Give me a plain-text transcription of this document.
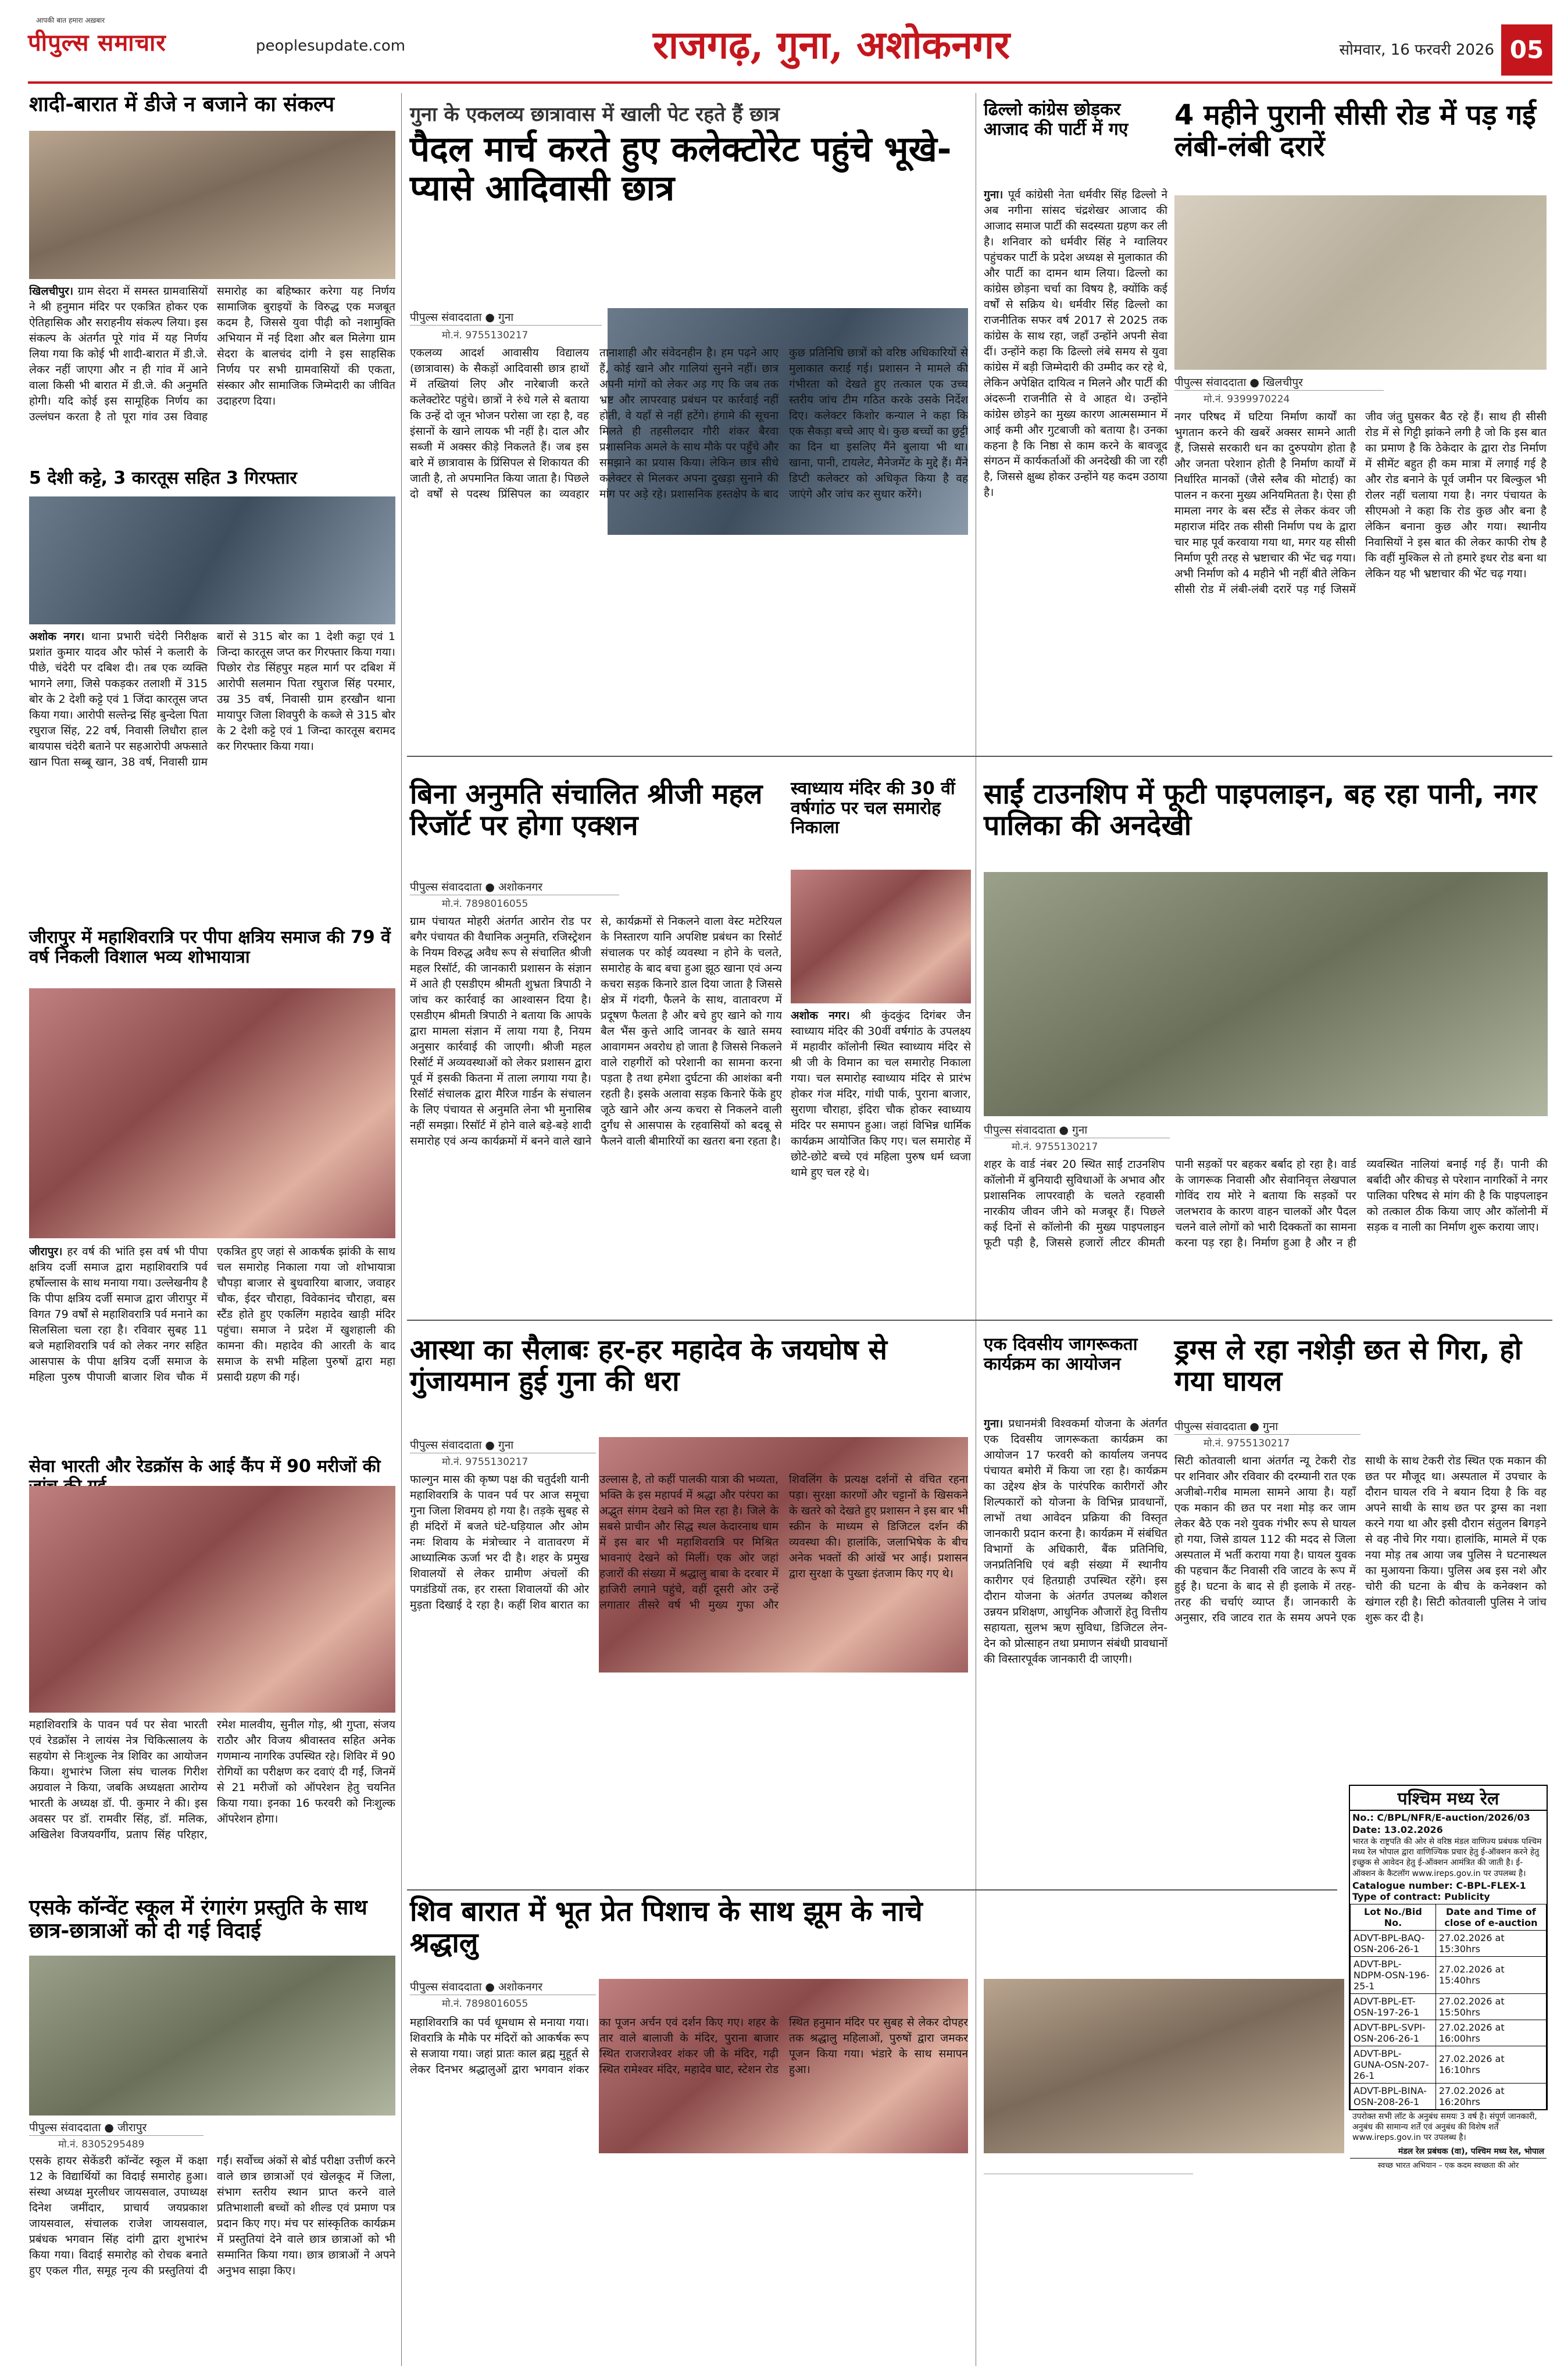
पीपुल्स समाचार
आपकी बात हमारा अख़बार
peoplesupdate.com	राजगढ़, गुना, अशोकनगर	सोमवार, 16 फरवरी 2026 05
शादी-बारात में डीजे न बजाने का संकल्प
खिलचीपुर। ग्राम सेदरा में समस्त ग्रामवासियों ने श्री हनुमान मंदिर पर एकत्रित होकर एक ऐतिहासिक और सराहनीय संकल्प लिया। इस संकल्प के अंतर्गत पूरे गांव में यह निर्णय लिया गया कि कोई भी शादी-बारात में डी.जे. लेकर नहीं जाएगा और न ही गांव में आने वाला किसी भी बारात में डी.जे. की अनुमति होगी। यदि कोई इस सामूहिक निर्णय का उल्लंघन करता है तो पूरा गांव उस विवाह समारोह का बहिष्कार करेगा यह निर्णय सामाजिक बुराइयों के विरुद्ध एक मजबूत कदम है, जिससे युवा पीढ़ी को नशामुक्ति अभियान में नई दिशा और बल मिलेगा ग्राम सेदरा के बालचंद दांगी ने इस साहसिक निर्णय पर सभी ग्रामवासियों की एकता, संस्कार और सामाजिक जिम्मेदारी का जीवित उदाहरण दिया।
5 देशी कट्टे, 3 कारतूस सहित 3 गिरफ्तार
अशोक नगर। थाना प्रभारी चंदेरी निरीक्षक प्रशांत कुमार यादव और फोर्स ने कलारी के पीछे, चंदेरी पर दबिश दी। तब एक व्यक्ति भागने लगा, जिसे पकड़कर तलाशी में 315 बोर के 2 देशी कट्टे एवं 1 जिंदा कारतूस जप्त किया गया। आरोपी सल्तेन्द्र सिंह बुन्देला पिता रघुराज सिंह, 22 वर्ष, निवासी लिधौरा हाल बायपास चंदेरी बताने पर सहआरोपी अफसाते खान पिता सब्बू खान, 38 वर्ष, निवासी ग्राम बारों से 315 बोर का 1 देशी कट्टा एवं 1 जिन्दा कारतूस जप्त कर गिरफ्तार किया गया। पिछोर रोड सिंहपुर महल मार्ग पर दबिश में आरोपी सलमान पिता रघुराज सिंह परमार, उम्र 35 वर्ष, निवासी ग्राम हरखौन थाना मायापुर जिला शिवपुरी के कब्जे से 315 बोर के 2 देशी कट्टे एवं 1 जिन्दा कारतूस बरामद कर गिरफ्तार किया गया।
जीरापुर में महाशिवरात्रि पर पीपा क्षत्रिय समाज की 79 वें वर्ष निकली विशाल भव्य शोभायात्रा
जीरापुर। हर वर्ष की भांति इस वर्ष भी पीपा क्षत्रिय दर्जी समाज द्वारा महाशिवरात्रि पर्व हर्षोल्लास के साथ मनाया गया। उल्लेखनीय है कि पीपा क्षत्रिय दर्जी समाज द्वारा जीरापुर में विगत 79 वर्षों से महाशिवरात्रि पर्व मनाने का सिलसिला चला रहा है। रविवार सुबह 11 बजे महाशिवरात्रि पर्व को लेकर नगर सहित आसपास के पीपा क्षत्रिय दर्जी समाज के महिला पुरुष पीपाजी बाजार शिव चौक में एकत्रित हुए जहां से आकर्षक झांकी के साथ चल समारोह निकाला गया जो शोभायात्रा चौपड़ा बाजार से बुधवारिया बाजार, जवाहर चौक, ईदर चौराहा, विवेकानंद चौराहा, बस स्टैंड होते हुए एकलिंग महादेव खाड़ी मंदिर पहुंचा। समाज ने प्रदेश में खुशहाली की कामना की। महादेव की आरती के बाद समाज के सभी महिला पुरुषों द्वारा महा प्रसादी ग्रहण की गई।
सेवा भारती और रेडक्रॉस के आई कैंप में 90 मरीजों की
महाशिवरात्रि के पावन पर्व पर सेवा भारती एवं रेडक्रॉस ने लायंस नेत्र चिकित्सालय के सहयोग से निःशुल्क नेत्र शिविर का आयोजन किया। शुभारंभ जिला संघ चालक गिरीश अग्रवाल ने किया, जबकि अध्यक्षता आरोग्य भारती के अध्यक्ष डॉ. पी. कुमार ने की। इस अवसर पर डॉ. रामवीर सिंह, डॉ. मलिक, अखिलेश विजयवर्गीय, प्रताप सिंह परिहार, रमेश मालवीय, सुनील गोड़, श्री गुप्ता, संजय राठौर और विजय श्रीवास्तव सहित अनेक गणमान्य नागरिक उपस्थित रहे। शिविर में 90 रोगियों का परीक्षण कर दवाएं दी गईं, जिनमें से 21 मरीजों को ऑपरेशन हेतु चयनित किया गया। इनका 16 फरवरी को निःशुल्क ऑपरेशन होगा।
एसके कॉन्वेंट स्कूल में रंगारंग प्रस्तुति के साथ छात्र-छात्राओं को दी गई विदाई
पीपुल्स संवाददाता ● जीरापुर
मो.नं. 8305295489
एसके हायर सेकेंडरी कॉन्वेंट स्कूल में कक्षा 12 के विद्यार्थियों का विदाई समारोह हुआ। संस्था अध्यक्ष मुरलीधर जायसवाल, उपाध्यक्ष दिनेश जमींदार, प्राचार्य जयप्रकाश जायसवाल, संचालक राजेश जायसवाल, प्रबंधक भगवान सिंह दांगी द्वारा शुभारंभ किया गया। विदाई समारोह को रोचक बनाते हुए एकल गीत, समूह नृत्य की प्रस्तुतियां दी गईं। सर्वोच्च अंकों से बोर्ड परीक्षा उत्तीर्ण करने वाले छात्र छात्राओं एवं खेलकूद में जिला, संभाग स्तरीय स्थान प्राप्त करने वाले प्रतिभाशाली बच्चों को शील्ड एवं प्रमाण पत्र प्रदान किए गए। मंच पर सांस्कृतिक कार्यक्रम में प्रस्तुतियां देने वाले छात्र छात्राओं को भी सम्मानित किया गया। छात्र छात्राओं ने अपने अनुभव साझा किए।
गुना के एकलव्य छात्रावास में खाली पेट रहते हैं छात्र
पैदल मार्च करते हुए कलेक्टोरेट पहुंचे भूखे-प्यासे आदिवासी छात्र
पीपुल्स संवाददाता ● गुना
मो.नं. 9755130217
एकलव्य आदर्श आवासीय विद्यालय (छात्रावास) के सैकड़ों आदिवासी छात्र हाथों में तख्तियां लिए और नारेबाजी करते कलेक्टोरेट पहुंचे। छात्रों ने रुंधे गले से बताया कि उन्हें दो जून भोजन परोसा जा रहा है, वह इंसानों के खाने लायक भी नहीं है। दाल और सब्जी में अक्सर कीड़े निकलते हैं। जब इस बारे में छात्रावास के प्रिंसिपल से शिकायत की जाती है, तो अपमानित किया जाता है। पिछले दो वर्षों से पदस्थ प्रिंसिपल का व्यवहार तानाशाही और संवेदनहीन है। हम पढ़ने आए हैं, कोई खाने और गालियां सुनने नहीं। छात्र अपनी मांगों को लेकर अड़ गए कि जब तक भ्रष्ट और लापरवाह प्रबंधन पर कार्रवाई नहीं होती, वे यहाँ से नहीं हटेंगे। हंगामे की सूचना मिलते ही तहसीलदार गौरी शंकर बैरवा प्रशासनिक अमले के साथ मौके पर पहुँचे और समझाने का प्रयास किया। लेकिन छात्र सीधे कलेक्टर से मिलकर अपना दुखड़ा सुनाने की मांग पर अड़े रहे। प्रशासनिक हस्तक्षेप के बाद कुछ प्रतिनिधि छात्रों को वरिष्ठ अधिकारियों से मुलाकात कराई गई। प्रशासन ने मामले की गंभीरता को देखते हुए तत्काल एक उच्च स्तरीय जांच टीम गठित करके उसके निर्देश दिए। कलेक्टर किशोर कन्याल ने कहा कि एक सैकड़ा बच्चे आए थे। कुछ बच्चों का छुट्टी का दिन था इसलिए मैंने बुलाया भी था। खाना, पानी, टायलेट, मैनेजमेंट के मुद्दे हैं। मैंने डिप्टी कलेक्टर को अधिकृत किया है वह जाएंगे और जांच कर सुधार करेंगे।
बिना अनुमति संचालित श्रीजी महल रिजॉर्ट पर होगा एक्शन
पीपुल्स संवाददाता ● अशोकनगर
मो.नं. 7898016055
ग्राम पंचायत मोहरी अंतर्गत आरोन रोड पर बगैर पंचायत की वैधानिक अनुमति, रजिस्ट्रेशन के नियम विरुद्ध अवैध रूप से संचालित श्रीजी महल रिसॉर्ट, की जानकारी प्रशासन के संज्ञान में आते ही एसडीएम श्रीमती शुभ्रता त्रिपाठी ने जांच कर कार्रवाई का आश्वासन दिया है। एसडीएम श्रीमती त्रिपाठी ने बताया कि आपके द्वारा मामला संज्ञान में लाया गया है, नियम अनुसार कार्रवाई की जाएगी। श्रीजी महल रिसॉर्ट में अव्यवस्थाओं को लेकर प्रशासन द्वारा पूर्व में इसकी कितना में ताला लगाया गया है। रिसॉर्ट संचालक द्वारा मैरिज गार्डन के संचालन के लिए पंचायत से अनुमति लेना भी मुनासिब नहीं समझा। रिसॉर्ट में होने वाले बड़े-बड़े शादी समारोह एवं अन्य कार्यक्रमों में बनने वाले खाने से, कार्यक्रमों से निकलने वाला वेस्ट मटेरियल के निस्तारण यानि अपशिष्ट प्रबंधन का रिसोर्ट संचालक पर कोई व्यवस्था न होने के चलते, समारोह के बाद बचा हुआ झूठ खाना एवं अन्य कचरा सड़क किनारे डाल दिया जाता है जिससे क्षेत्र में गंदगी, फैलने के साथ, वातावरण में प्रदूषण फैलता है और बचे हुए खाने को गाय बैल भैंस कुत्ते आदि जानवर के खाते समय आवागमन अवरोध हो जाता है जिससे निकलने वाले राहगीरों को परेशानी का सामना करना पड़ता है तथा हमेशा दुर्घटना की आशंका बनी रहती है। इसके अलावा सड़क किनारे फेंके हुए जूठे खाने और अन्य कचरा से निकलने वाली दुर्गंध से आसपास के रहवासियों को बदबू से फैलने वाली बीमारियों का खतरा बना रहता है।
स्वाध्याय मंदिर की 30 वीं वर्षगांठ पर चल समारोह निकाला
अशोक नगर। श्री कुंदकुंद दिगंबर जैन स्वाध्याय मंदिर की 30वीं वर्षगांठ के उपलक्ष्य में महावीर कॉलोनी स्थित स्वाध्याय मंदिर से श्री जी के विमान का चल समारोह निकाला गया। चल समारोह स्वाध्याय मंदिर से प्रारंभ होकर गंज मंदिर, गांधी पार्क, पुराना बाजार, सुराणा चौराहा, इंदिरा चौक होकर स्वाध्याय मंदिर पर समापन हुआ। जहां विभिन्न धार्मिक कार्यक्रम आयोजित किए गए। चल समारोह में छोटे-छोटे बच्चे एवं महिला पुरुष धर्म ध्वजा थामे हुए चल रहे थे।
आस्था का सैलाबः हर-हर महादेव के जयघोष से गुंजायमान हुई गुना की धरा
पीपुल्स संवाददाता ● गुना
मो.नं. 9755130217
फाल्गुन मास की कृष्ण पक्ष की चतुर्दशी यानी महाशिवरात्रि के पावन पर्व पर आज समूचा गुना जिला शिवमय हो गया है। तड़के सुबह से ही मंदिरों में बजते घंटे-घड़ियाल और ओम नमः शिवाय के मंत्रोच्चार ने वातावरण में आध्यात्मिक ऊर्जा भर दी है। शहर के प्रमुख शिवालयों से लेकर ग्रामीण अंचलों की पगडंडियों तक, हर रास्ता शिवालयों की ओर मुड़ता दिखाई दे रहा है। कहीं शिव बारात का उल्लास है, तो कहीं पालकी यात्रा की भव्यता, भक्ति के इस महापर्व में श्रद्धा और परंपरा का अद्भुत संगम देखने को मिल रहा है। जिले के सबसे प्राचीन और सिद्ध स्थल केदारनाथ धाम में इस बार भी महाशिवरात्रि पर मिश्रित भावनाएं देखने को मिलीं। एक ओर जहां हजारों की संख्या में श्रद्धालु बाबा के दरबार में हाजिरी लगाने पहुंचे, वहीं दूसरी ओर उन्हें लगातार तीसरे वर्ष भी मुख्य गुफा और शिवलिंग के प्रत्यक्ष दर्शनों से वंचित रहना पड़ा। सुरक्षा कारणों और चट्टानों के खिसकने के खतरे को देखते हुए प्रशासन ने इस बार भी स्क्रीन के माध्यम से डिजिटल दर्शन की व्यवस्था की। हालांकि, जलाभिषेक के बीच अनेक भक्तों की आंखें भर आई। प्रशासन द्वारा सुरक्षा के पुख्ता इंतजाम किए गए थे।
शिव बारात में भूत प्रेत पिशाच के साथ झूम के नाचे श्रद्धालु
पीपुल्स संवाददाता ● अशोकनगर
मो.नं. 7898016055
महाशिवरात्रि का पर्व धूमधाम से मनाया गया। शिवरात्रि के मौके पर मंदिरों को आकर्षक रूप से सजाया गया। जहां प्रातः काल ब्रह्म मुहूर्त से लेकर दिनभर श्रद्धालुओं द्वारा भगवान शंकर का पूजन अर्चन एवं दर्शन किए गए। शहर के तार वाले बालाजी के मंदिर, पुराना बाजार स्थित राजराजेश्वर शंकर जी के मंदिर, गढ़ी स्थित रामेश्वर मंदिर, महादेव घाट, स्टेशन रोड स्थित हनुमान मंदिर पर सुबह से लेकर दोपहर तक श्रद्धालु महिलाओं, पुरुषों द्वारा जमकर पूजन किया गया। भंडारे के साथ समापन हुआ।
ढिल्लो कांग्रेस छोड़कर आजाद की पार्टी में गए
गुना। पूर्व कांग्रेसी नेता धर्मवीर सिंह ढिल्लो ने अब नगीना सांसद चंद्रशेखर आजाद की आजाद समाज पार्टी की सदस्यता ग्रहण कर ली है। शनिवार को धर्मवीर सिंह ने ग्वालियर पहुंचकर पार्टी के प्रदेश अध्यक्ष से मुलाकात की और पार्टी का दामन थाम लिया। ढिल्लो का कांग्रेस छोड़ना चर्चा का विषय है, क्योंकि कई वर्षों से सक्रिय थे। धर्मवीर सिंह ढिल्लो का राजनीतिक सफर वर्ष 2017 से 2025 तक कांग्रेस के साथ रहा, जहाँ उन्होंने अपनी सेवा दीं। उन्होंने कहा कि ढिल्लो लंबे समय से युवा कांग्रेस में बड़ी जिम्मेदारी की उम्मीद कर रहे थे, लेकिन अपेक्षित दायित्व न मिलने और पार्टी की अंदरूनी राजनीति से वे आहत थे। उन्होंने कांग्रेस छोड़ने का मुख्य कारण आत्मसम्मान में आई कमी और गुटबाजी को बताया है। उनका कहना है कि निष्ठा से काम करने के बावजूद संगठन में कार्यकर्ताओं की अनदेखी की जा रही है, जिससे क्षुब्ध होकर उन्होंने यह कदम उठाया है।
4 महीने पुरानी सीसी रोड में पड़ गई लंबी-लंबी दरारें
पीपुल्स संवाददाता ● खिलचीपुर
मो.नं. 9399970224
नगर परिषद में घटिया निर्माण कार्यों का भुगतान करने की खबरें अक्सर सामने आती हैं, जिससे सरकारी धन का दुरुपयोग होता है और जनता परेशान होती है निर्माण कार्यों में निर्धारित मानकों (जैसे स्लैब की मोटाई) का पालन न करना मुख्य अनियमितता है। ऐसा ही मामला नगर के बस स्टैंड से लेकर कंवर जी महाराज मंदिर तक सीसी निर्माण पथ के द्वारा चार माह पूर्व करवाया गया था, मगर यह सीसी निर्माण पूरी तरह से भ्रष्टाचार की भेंट चढ़ गया। अभी निर्माण को 4 महीने भी नहीं बीते लेकिन सीसी रोड में लंबी-लंबी दरारें पड़ गई जिसमें जीव जंतु घुसकर बैठ रहे हैं। साथ ही सीसी रोड में से गिट्टी झांकने लगी है जो कि इस बात का प्रमाण है कि ठेकेदार के द्वारा रोड निर्माण में सीमेंट बहुत ही कम मात्रा में लगाई गई है और रोड बनाने के पूर्व जमीन पर बिल्कुल भी रोलर नहीं चलाया गया है। नगर पंचायत के सीएमओ ने कहा कि रोड कुछ और बना है लेकिन बनाना कुछ और गया। स्थानीय निवासियों ने इस बात की लेकर काफी रोष है कि वहीं मुश्किल से तो हमारे इधर रोड बना था लेकिन यह भी भ्रष्टाचार की भेंट चढ़ गया।
साईं टाउनशिप में फूटी पाइपलाइन, बह रहा पानी, नगर पालिका की अनदेखी
पीपुल्स संवाददाता ● गुना
मो.नं. 9755130217
शहर के वार्ड नंबर 20 स्थित साईं टाउनशिप कॉलोनी में बुनियादी सुविधाओं के अभाव और प्रशासनिक लापरवाही के चलते रहवासी नारकीय जीवन जीने को मजबूर हैं। पिछले कई दिनों से कॉलोनी की मुख्य पाइपलाइन फूटी पड़ी है, जिससे हजारों लीटर कीमती पानी सड़कों पर बहकर बर्बाद हो रहा है। वार्ड के जागरूक निवासी और सेवानिवृत्त लेखपाल गोविंद राय मोरे ने बताया कि सड़कों पर जलभराव के कारण वाहन चालकों और पैदल चलने वाले लोगों को भारी दिक्कतों का सामना करना पड़ रहा है। निर्माण हुआ है और न ही व्यवस्थित नालियां बनाई गई हैं। पानी की बर्बादी और कीचड़ से परेशान नागरिकों ने नगर पालिका परिषद से मांग की है कि पाइपलाइन को तत्काल ठीक किया जाए और कॉलोनी में सड़क व नाली का निर्माण शुरू कराया जाए।
एक दिवसीय जागरूकता कार्यक्रम का आयोजन
गुना। प्रधानमंत्री विश्वकर्मा योजना के अंतर्गत एक दिवसीय जागरूकता कार्यक्रम का आयोजन 17 फरवरी को कार्यालय जनपद पंचायत बमोरी में किया जा रहा है। कार्यक्रम का उद्देश्य क्षेत्र के पारंपरिक कारीगरों और शिल्पकारों को योजना के विभिन्न प्रावधानों, लाभों तथा आवेदन प्रक्रिया की विस्तृत जानकारी प्रदान करना है। कार्यक्रम में संबंधित विभागों के अधिकारी, बैंक प्रतिनिधि, जनप्रतिनिधि एवं बड़ी संख्या में स्थानीय कारीगर एवं हितग्राही उपस्थित रहेंगे। इस दौरान योजना के अंतर्गत उपलब्ध कौशल उन्नयन प्रशिक्षण, आधुनिक औजारों हेतु वित्तीय सहायता, सुलभ ऋण सुविधा, डिजिटल लेन-देन को प्रोत्साहन तथा प्रमाणन संबंधी प्रावधानों की विस्तारपूर्वक जानकारी दी जाएगी।
ड्रग्स ले रहा नशेड़ी छत से गिरा, हो गया घायल
पीपुल्स संवाददाता ● गुना
मो.नं. 9755130217
सिटी कोतवाली थाना अंतर्गत न्यू टेकरी रोड पर शनिवार और रविवार की दरम्यानी रात एक अजीबो-गरीब मामला सामने आया है। यहाँ एक मकान की छत पर नशा मोड़ कर जाम लेकर बैठे एक नशे युवक गंभीर रूप से घायल हो गया, जिसे डायल 112 की मदद से जिला अस्पताल में भर्ती कराया गया है। घायल युवक की पहचान कैंट निवासी रवि जाटव के रूप में हुई है। घटना के बाद से ही इलाके में तरह-तरह की चर्चाएं व्याप्त हैं। जानकारी के अनुसार, रवि जाटव रात के समय अपने एक साथी के साथ टेकरी रोड स्थित एक मकान की छत पर मौजूद था। अस्पताल में उपचार के दौरान घायल रवि ने बयान दिया है कि वह अपने साथी के साथ छत पर ड्रग्स का नशा करने गया था और इसी दौरान संतुलन बिगड़ने से वह नीचे गिर गया। हालांकि, मामले में एक नया मोड़ तब आया जब पुलिस ने घटनास्थल का मुआयना किया। पुलिस अब इस नशे और चोरी की घटना के बीच के कनेक्शन को खंगाल रही है। सिटी कोतवाली पुलिस ने जांच शुरू कर दी है।
पश्चिम मध्य रेल
No.: C/BPL/NFR/E-auction/2026/03
Date: 13.02.2026
भारत के राष्ट्रपति की ओर से वरिष्ठ मंडल वाणिज्य प्रबंधक पश्चिम मध्य रेल भोपाल द्वारा वाणिज्यिक प्रचार हेतु ई-ऑक्शन करने हेतु इच्छुक से आवेदन हेतु ई-ऑक्शन आमंत्रित की जाती है। ई-ऑक्शन के कैटलॉग www.ireps.gov.in पर उपलब्ध है।
Catalogue number: C-BPL-FLEX-1
Type of contract: Publicity
Lot No./Bid No.	Date and Time of close of e-auction
ADVT-BPL-BAQ-OSN-206-26-1	27.02.2026 at 15:30hrs
ADVT-BPL-NDPM-OSN-196-25-1	27.02.2026 at 15:40hrs
ADVT-BPL-ET-OSN-197-26-1	27.02.2026 at 15:50hrs
ADVT-BPL-SVPI-OSN-206-26-1	27.02.2026 at 16:00hrs
ADVT-BPL-GUNA-OSN-207-26-1	27.02.2026 at 16:10hrs
ADVT-BPL-BINA-OSN-208-26-1	27.02.2026 at 16:20hrs
उपरोक्त सभी लॉट के अनुबंध समयः 3 वर्ष है। संपूर्ण जानकारी, अनुबंध की सामान्य शर्तें एवं अनुबंध की विशेष शर्तें www.ireps.gov.in पर उपलब्ध है।
मंडल रेल प्रबंधक (वा), पश्चिम मध्य रेल, भोपाल
स्वच्छ भारत अभियान – एक कदम स्वच्छता की ओर
